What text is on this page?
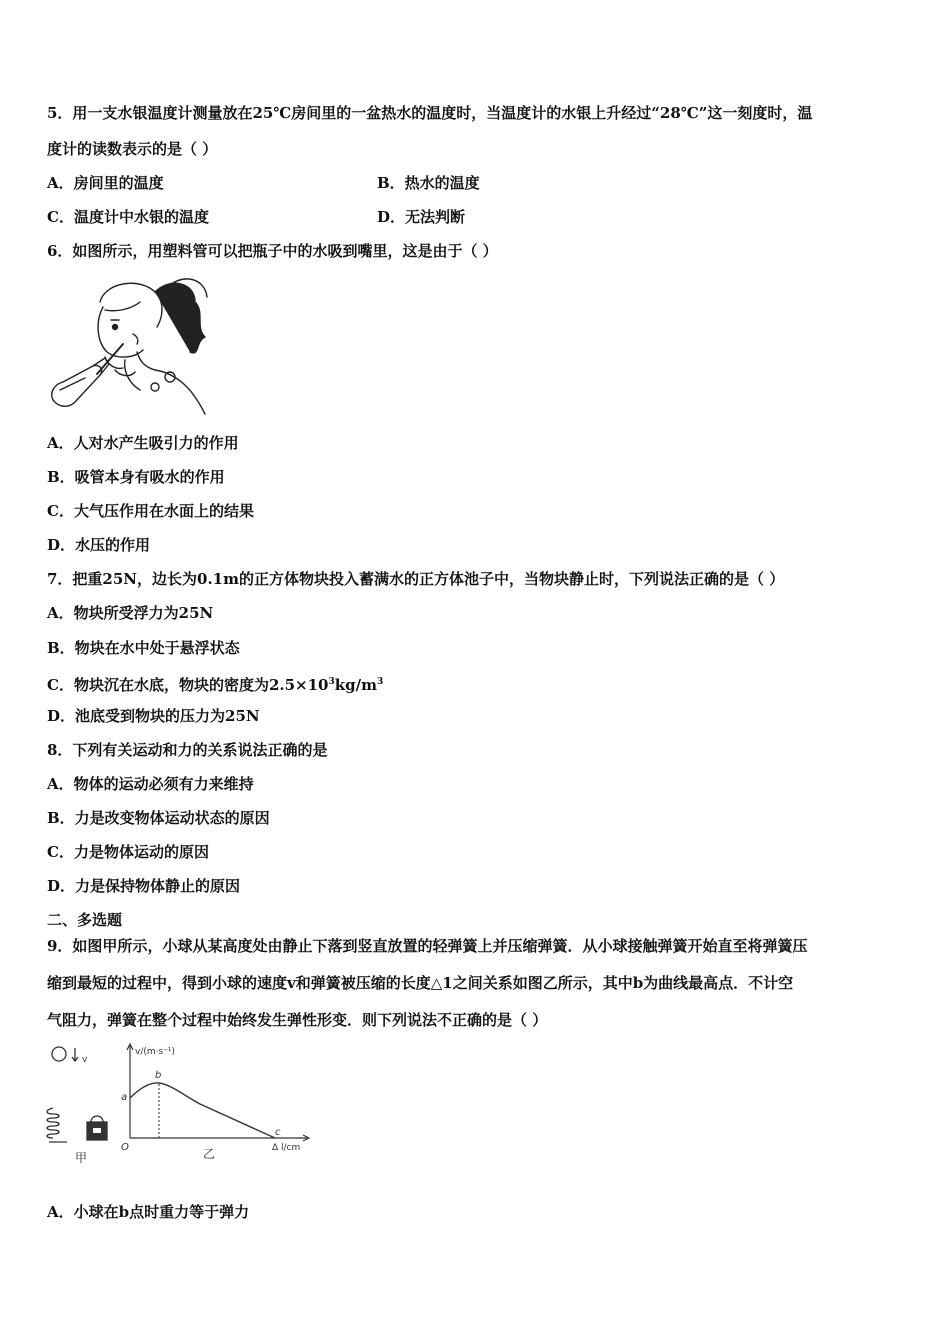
5．用一支水银温度计测量放在25℃房间里的一盆热水的温度时，当温度计的水银上升经过“28℃”这一刻度时，温
度计的读数表示的是（ ）
A．房间里的温度	B．热水的温度
C．温度计中水银的温度	D．无法判断
6．如图所示，用塑料管可以把瓶子中的水吸到嘴里，这是由于（ ）
A．人对水产生吸引力的作用
B．吸管本身有吸水的作用
C．大气压作用在水面上的结果
D．水压的作用
7．把重25N，边长为0.1m的正方体物块投入蓄满水的正方体池子中，当物块静止时，下列说法正确的是（ ）
A．物块所受浮力为25N
B．物块在水中处于悬浮状态
C．物块沉在水底，物块的密度为$2.5\times 10^3kg/m^3$
D．池底受到物块的压力为25N
8．下列有关运动和力的关系说法正确的是
A．物体的运动必须有力来维持
B．力是改变物体运动状态的原因
C．力是物体运动的原因
D．力是保持物体静止的原因
二、多选题
9．如图甲所示，小球从某高度处由静止下落到竖直放置的轻弹簧上并压缩弹簧．从小球接触弹簧开始直至将弹簧压
缩到最短的过程中，得到小球的速度v和弹簧被压缩的长度△1之间关系如图乙所示，其中b为曲线最高点．不计空
气阻力，弹簧在整个过程中始终发生弹性形变．则下列说法不正确的是（ ）
v
甲
v/(m·s⁻¹)
Δ l/cm
O
a
b
c
乙
A．小球在b点时重力等于弹力
